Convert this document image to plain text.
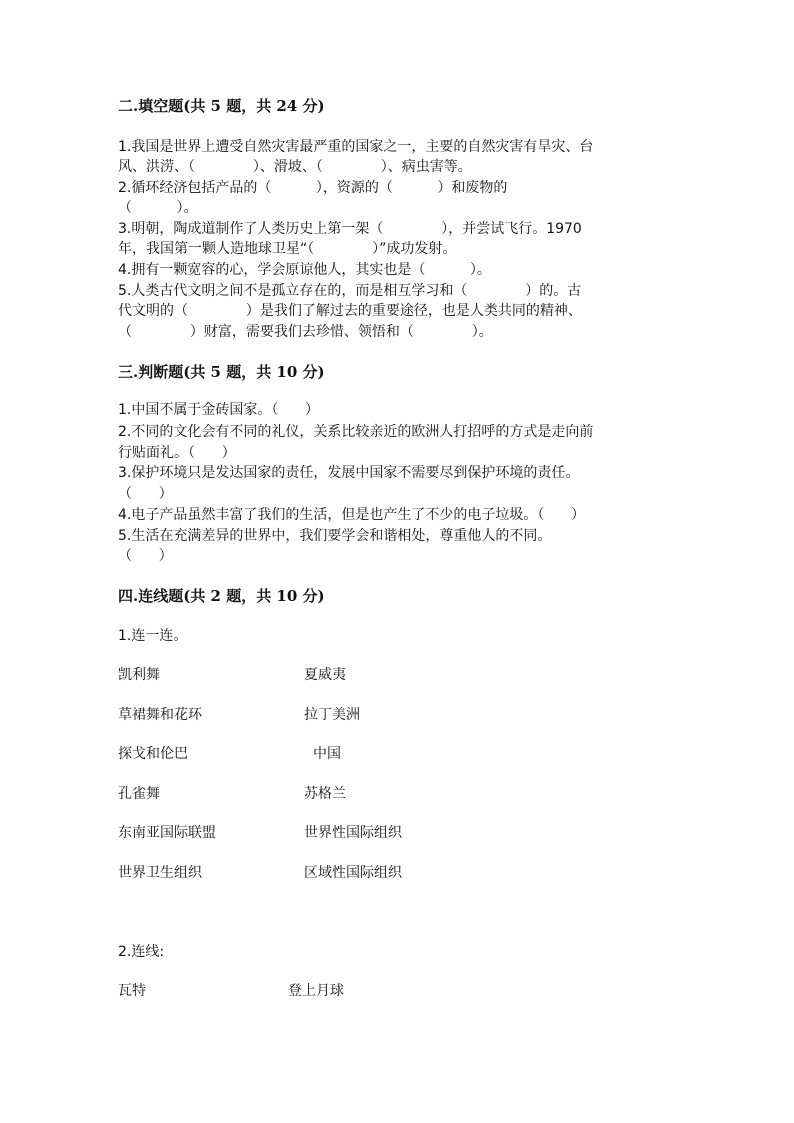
二.填空题(共 5 题，共 24 分)
1.我国是世界上遭受自然灾害最严重的国家之一，主要的自然灾害有旱灾、台
风、洪涝、（             ）、滑坡、（             ）、病虫害等。
2.循环经济包括产品的（          ），资源的（          ）和废物的
（          ）。
3.明朝，陶成道制作了人类历史上第一架（             ），并尝试飞行。1970
年，我国第一颗人造地球卫星“（             ）”成功发射。
4.拥有一颗宽容的心，学会原谅他人，其实也是（          ）。
5.人类古代文明之间不是孤立存在的，而是相互学习和（             ）的。古
代文明的（             ）是我们了解过去的重要途径，也是人类共同的精神、
（             ）财富，需要我们去珍惜、领悟和（             ）。
三.判断题(共 5 题，共 10 分)
1.中国不属于金砖国家。（      ）
2.不同的文化会有不同的礼仪，关系比较亲近的欧洲人打招呼的方式是走向前
行贴面礼。（      ）
3.保护环境只是发达国家的责任，发展中国家不需要尽到保护环境的责任。
（      ）
4.电子产品虽然丰富了我们的生活，但是也产生了不少的电子垃圾。（      ）
5.生活在充满差异的世界中，我们要学会和谐相处，尊重他人的不同。
（      ）
四.连线题(共 2 题，共 10 分)
1.连一连。
凯利舞	夏威夷
草裙舞和花环	拉丁美洲
探戈和伦巴	中国
孔雀舞	苏格兰
东南亚国际联盟	世界性国际组织
世界卫生组织	区域性国际组织
2.连线:
瓦特	登上月球
